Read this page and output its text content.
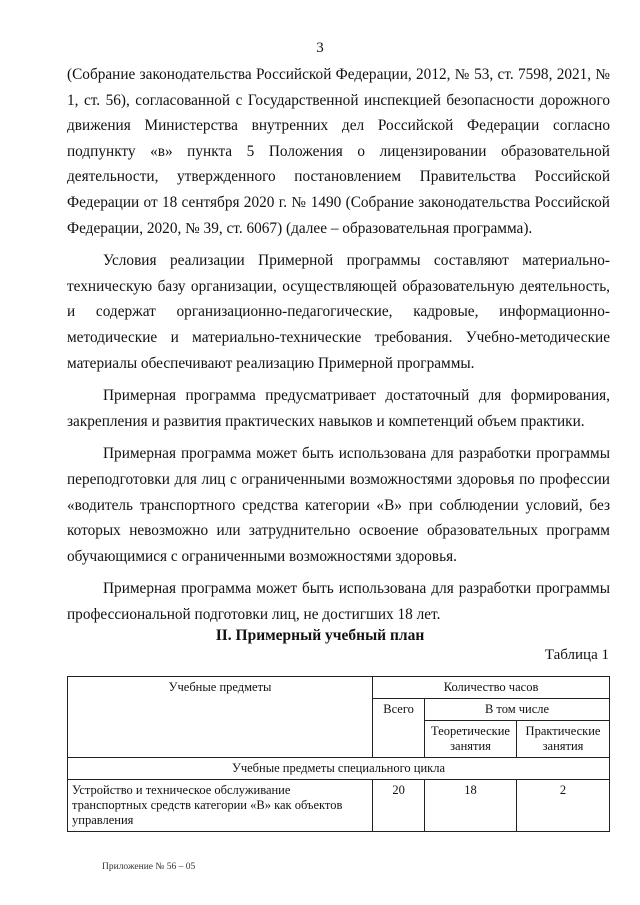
3

(Собрание законодательства Российской Федерации, 2012, № 53, ст. 7598, 2021, № 1, ст. 56), согласованной с Государственной инспекцией безопасности дорожного движения Министерства внутренних дел Российской Федерации согласно подпункту «в» пункта 5 Положения о лицензировании образовательной деятельности, утвержденного постановлением Правительства Российской Федерации от 18 сентября 2020 г. № 1490 (Собрание законодательства Российской Федерации, 2020, № 39, ст. 6067) (далее – образовательная программа).

Условия реализации Примерной программы составляют материально-техническую базу организации, осуществляющей образовательную деятельность, и содержат организационно-педагогические, кадровые, информационно-методические и материально-технические требования. Учебно-методические материалы обеспечивают реализацию Примерной программы.

Примерная программа предусматривает достаточный для формирования, закрепления и развития практических навыков и компетенций объем практики.

Примерная программа может быть использована для разработки программы переподготовки для лиц с ограниченными возможностями здоровья по профессии «водитель транспортного средства категории «В» при соблюдении условий, без которых невозможно или затруднительно освоение образовательных программ обучающимися с ограниченными возможностями здоровья.

Примерная программа может быть использована для разработки программы профессиональной подготовки лиц, не достигших 18 лет.

II. Примерный учебный план
Таблица 1
Учебные предметы	Количество часов		
	Всего	В том числе	
		Теоретические занятия	Практические занятия
Учебные предметы специального цикла			
Устройство и техническое обслуживание транспортных средств категории «В» как объектов управления	20	18	2
Приложение № 56 – 05
